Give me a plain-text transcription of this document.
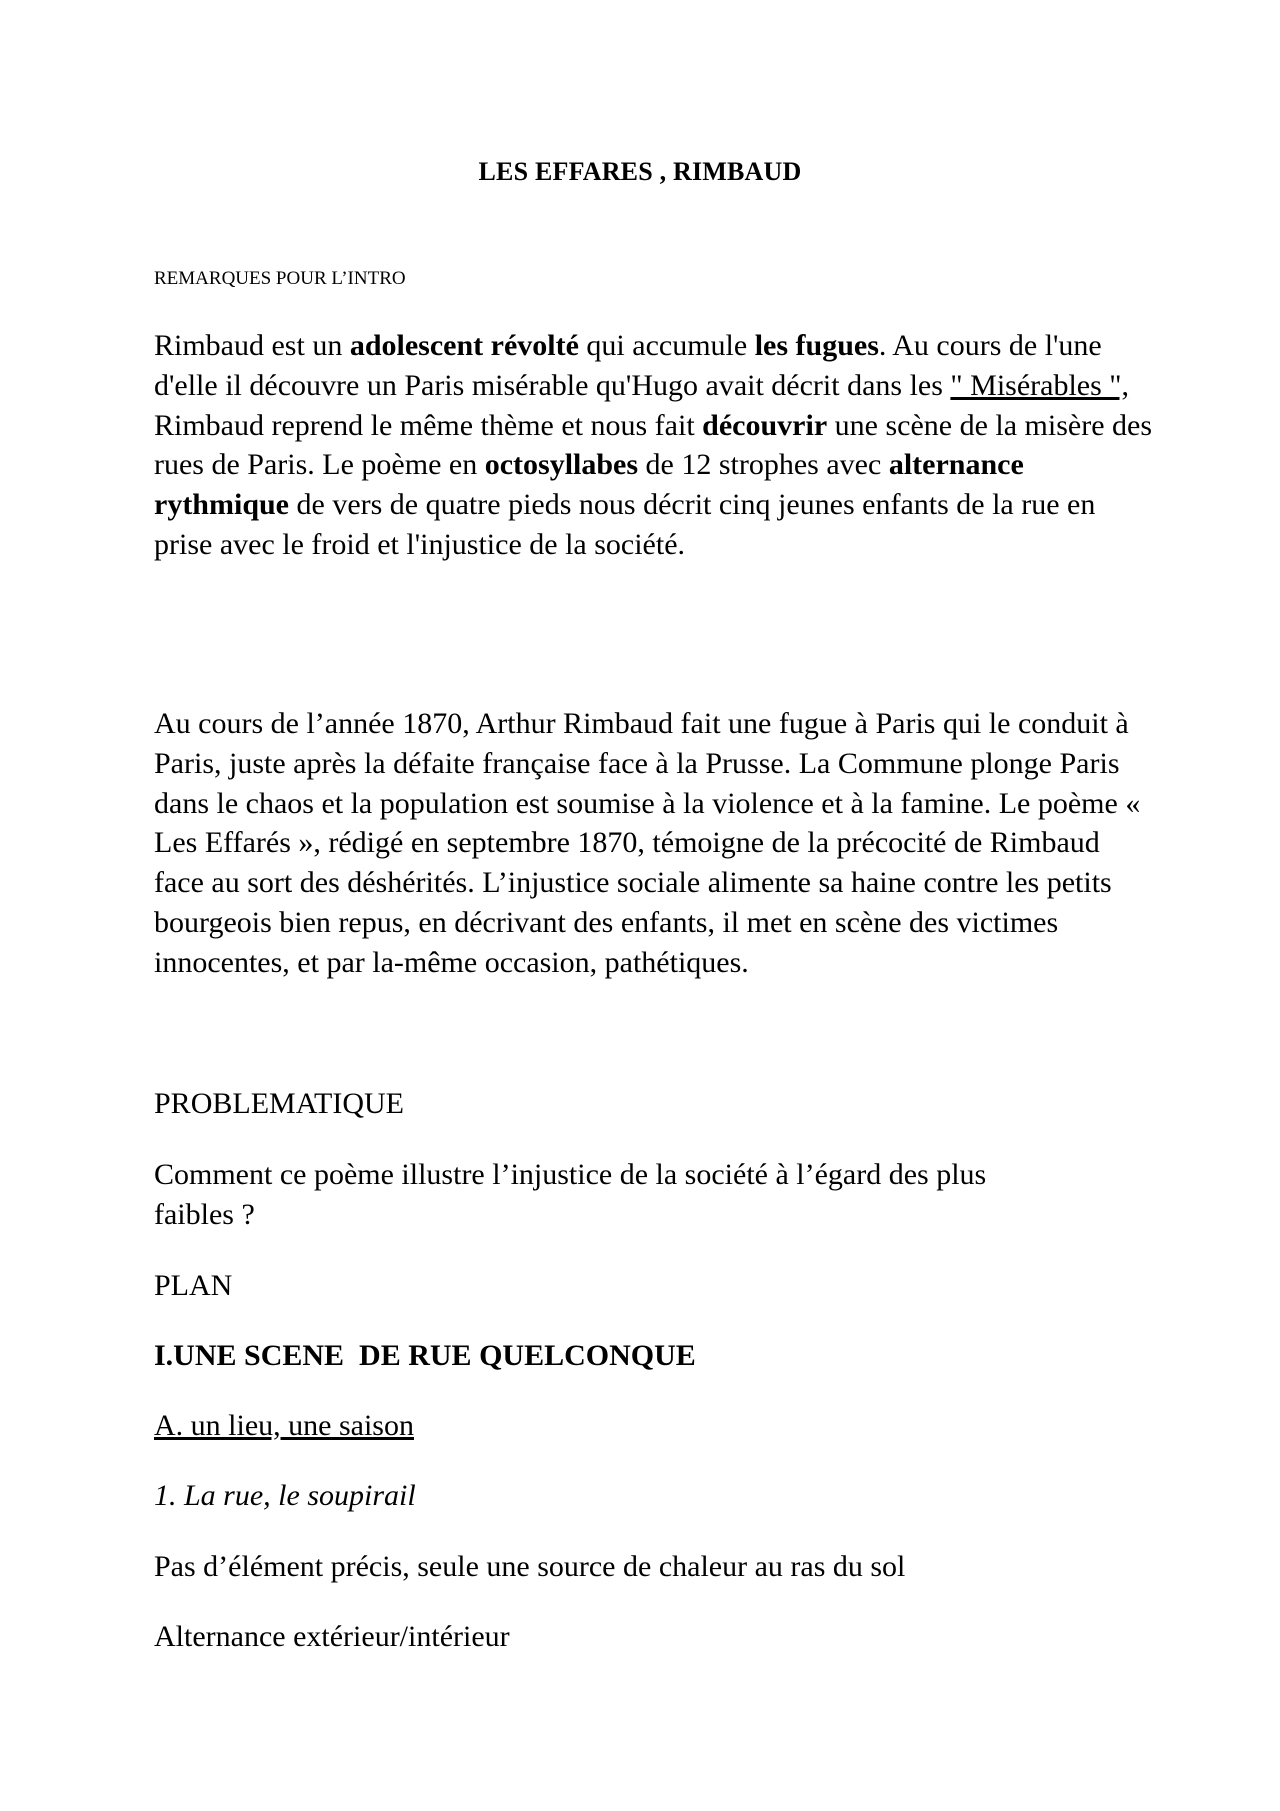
LES EFFARES , RIMBAUD
REMARQUES POUR L’INTRO

Rimbaud est un adolescent révolté qui accumule les fugues. Au cours de l'une d'elle il découvre un Paris misérable qu'Hugo avait décrit dans les " Misérables ", Rimbaud reprend le même thème et nous fait découvrir une scène de la misère des rues de Paris. Le poème en octosyllabes de 12 strophes avec alternance rythmique de vers de quatre pieds nous décrit cinq jeunes enfants de la rue en prise avec le froid et l'injustice de la société.

Au cours de l’année 1870, Arthur Rimbaud fait une fugue à Paris qui le conduit à Paris, juste après la défaite française face à la Prusse. La Commune plonge Paris dans le chaos et la population est soumise à la violence et à la famine. Le poème « Les Effarés », rédigé en septembre 1870, témoigne de la précocité de Rimbaud face au sort des déshérités. L’injustice sociale alimente sa haine contre les petits bourgeois bien repus, en décrivant des enfants, il met en scène des victimes innocentes, et par la-même occasion, pathétiques.

PROBLEMATIQUE
Comment ce poème illustre l’injustice de la société à l’égard des plus
faibles ?
PLAN
I.UNE SCENE  DE RUE QUELCONQUE
A. un lieu, une saison
1. La rue, le soupirail
Pas d’élément précis, seule une source de chaleur au ras du sol
Alternance extérieur/intérieur
